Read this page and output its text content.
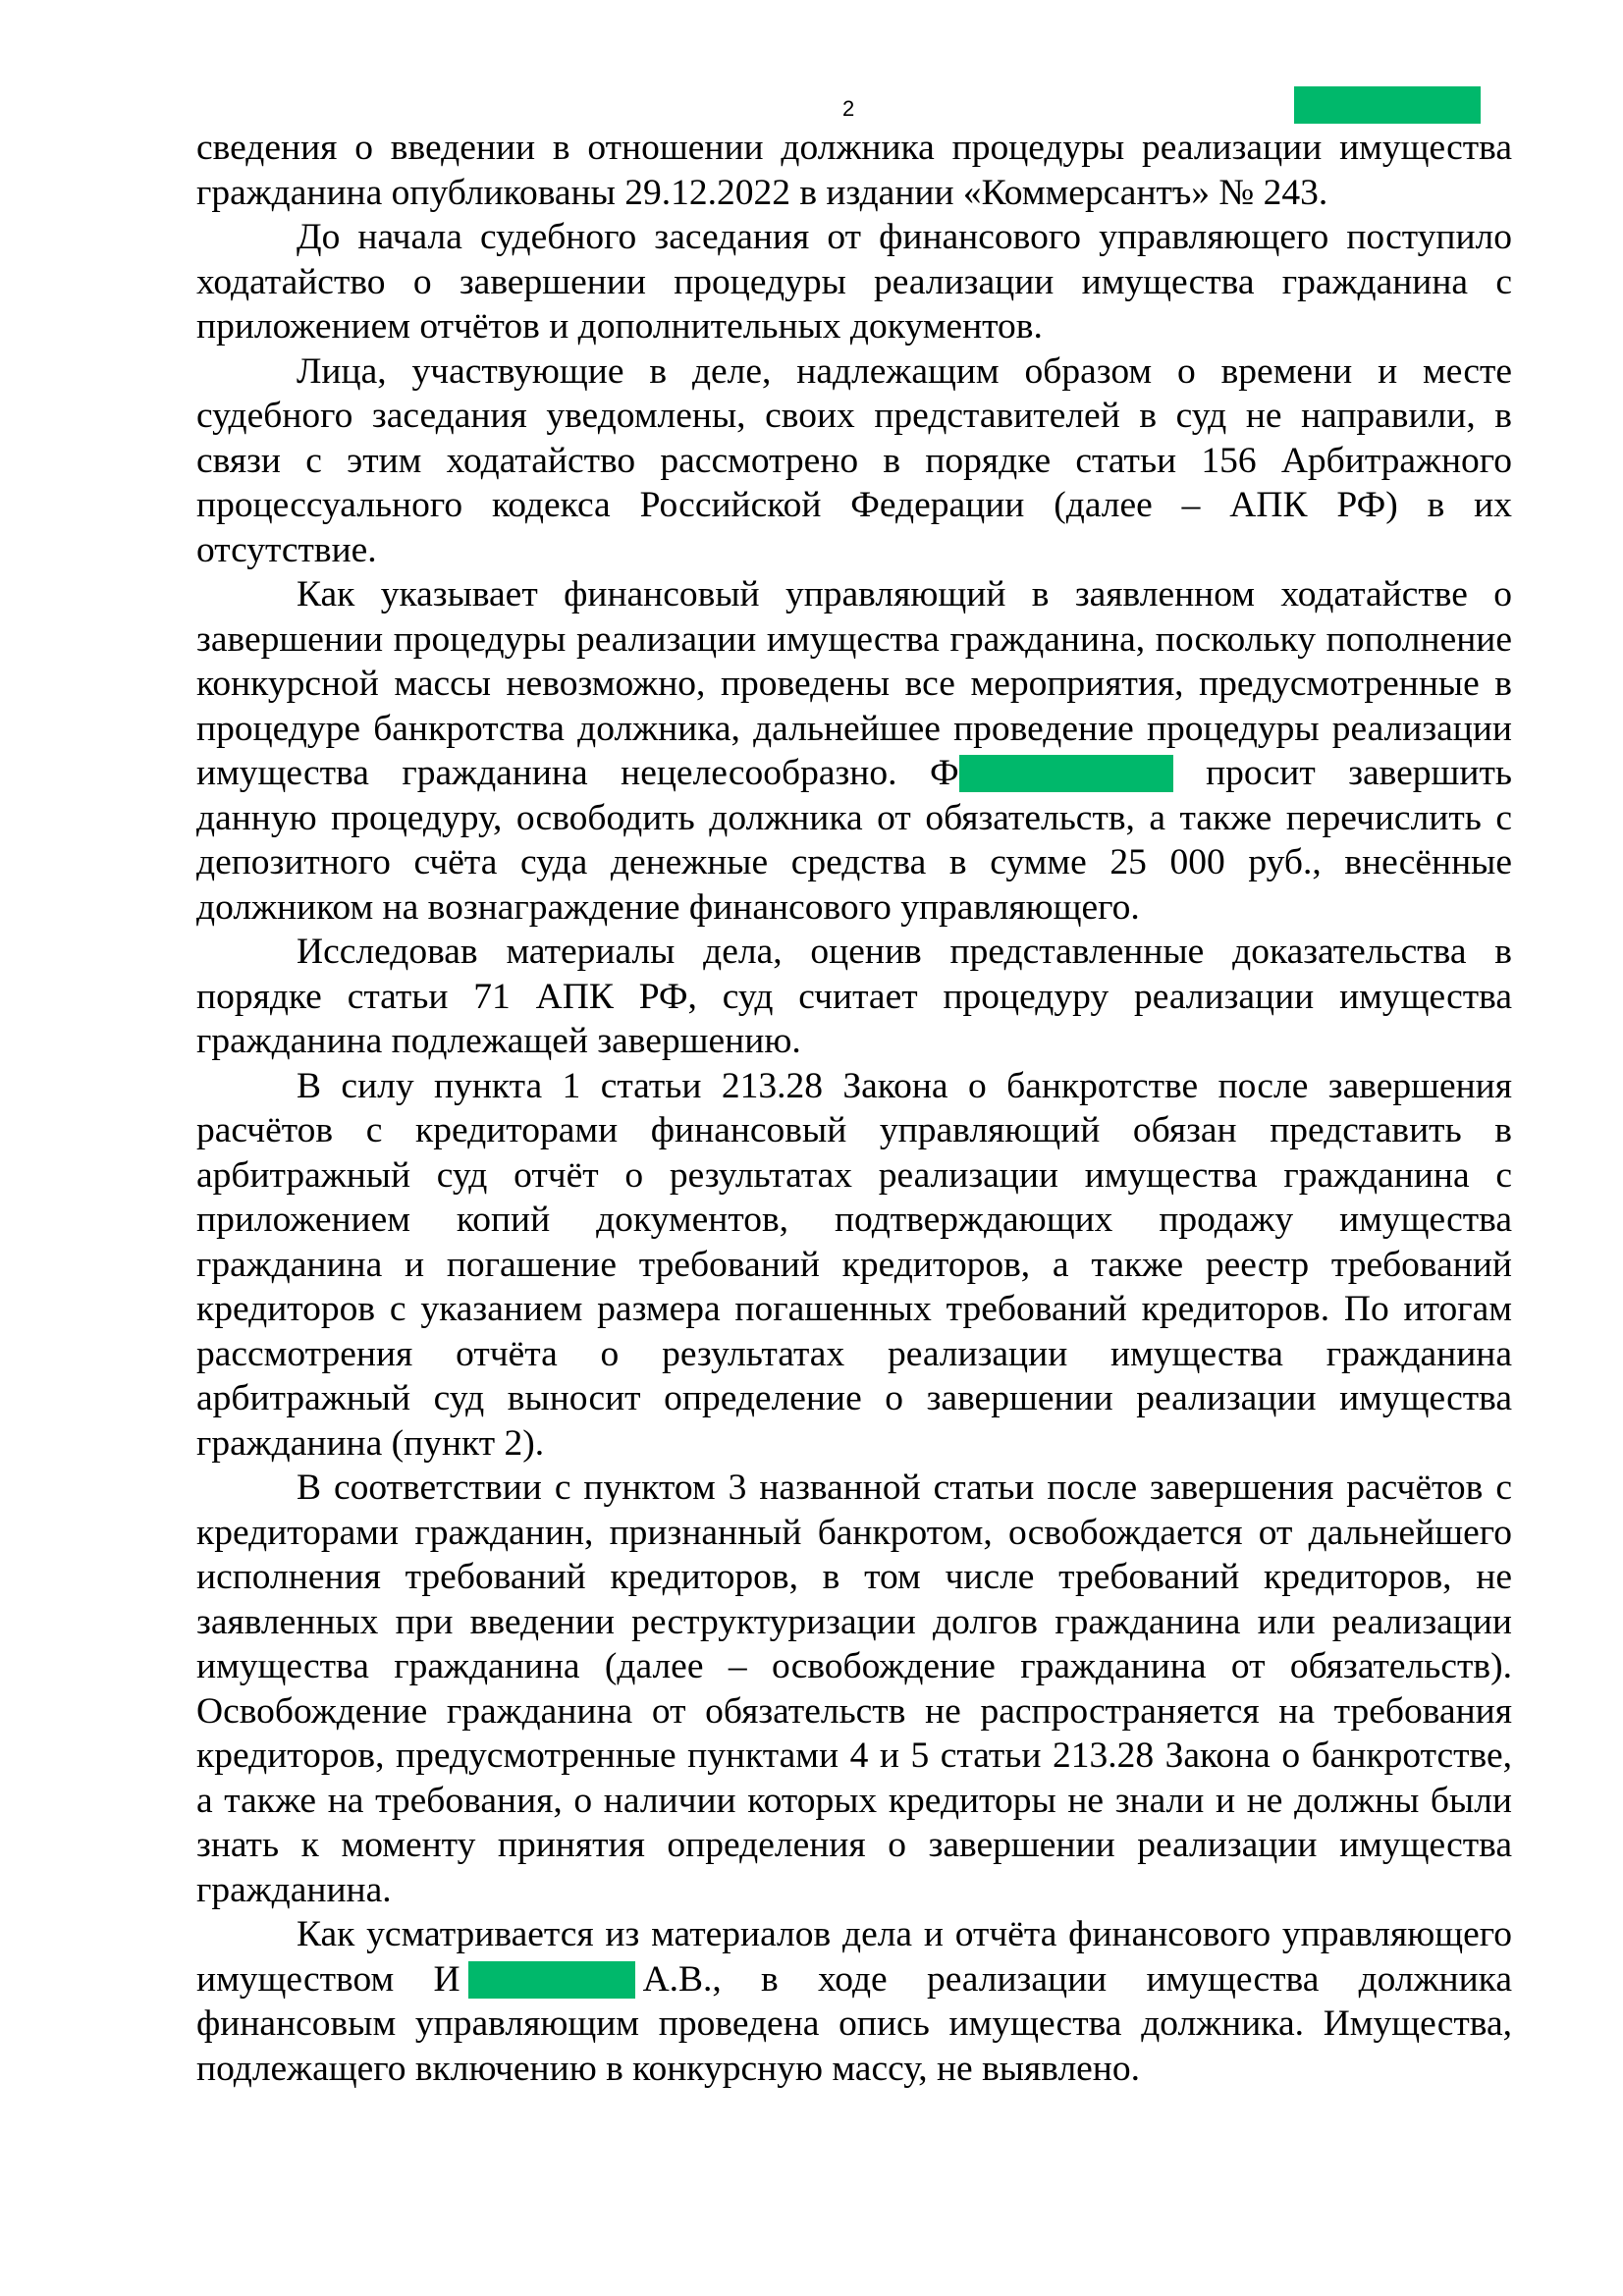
2

сведения о введении в отношении должника процедуры реализации имущества гражданина опубликованы 29.12.2022 в издании «Коммерсантъ» № 243.

До начала судебного заседания от финансового управляющего поступило ходатайство о завершении процедуры реализации имущества гражданина с приложением отчётов и дополнительных документов.

Лица, участвующие в деле, надлежащим образом о времени и месте судебного заседания уведомлены, своих представителей в суд не направили, в связи с этим ходатайство рассмотрено в порядке статьи 156 Арбитражного процессуального кодекса Российской Федерации (далее – АПК РФ) в их отсутствие.

Как указывает финансовый управляющий в заявленном ходатайстве о завершении процедуры реализации имущества гражданина, поскольку пополнение конкурсной массы невозможно, проведены все мероприятия, предусмотренные в процедуре банкротства должника, дальнейшее проведение процедуры реализации имущества гражданина нецелесообразно. Ф	просит завершить данную процедуру, освободить должника от обязательств, а также перечислить с депозитного счёта суда денежные средства в сумме 25 000 руб., внесённые должником на вознаграждение финансового управляющего.

Исследовав материалы дела, оценив представленные доказательства в порядке статьи 71 АПК РФ, суд считает процедуру реализации имущества гражданина подлежащей завершению.

В силу пункта 1 статьи 213.28 Закона о банкротстве после завершения расчётов с кредиторами финансовый управляющий обязан представить в арбитражный суд отчёт о результатах реализации имущества гражданина с приложением копий документов, подтверждающих продажу имущества гражданина и погашение требований кредиторов, а также реестр требований кредиторов с указанием размера погашенных требований кредиторов. По итогам рассмотрения отчёта о результатах реализации имущества гражданина арбитражный суд выносит определение о завершении реализации имущества гражданина (пункт 2).

В соответствии с пунктом 3 названной статьи после завершения расчётов с кредиторами гражданин, признанный банкротом, освобождается от дальнейшего исполнения требований кредиторов, в том числе требований кредиторов, не заявленных при введении реструктуризации долгов гражданина или реализации имущества гражданина (далее – освобождение гражданина от обязательств). Освобождение гражданина от обязательств не распространяется на требования кредиторов, предусмотренные пунктами 4 и 5 статьи 213.28 Закона о банкротстве, а также на требования, о наличии которых кредиторы не знали и не должны были знать к моменту принятия определения о завершении реализации имущества гражданина.

Как усматривается из материалов дела и отчёта финансового управляющего имуществом И	А.В., в ходе реализации имущества должника финансовым управляющим проведена опись имущества должника. Имущества, подлежащего включению в конкурсную массу, не выявлено.
